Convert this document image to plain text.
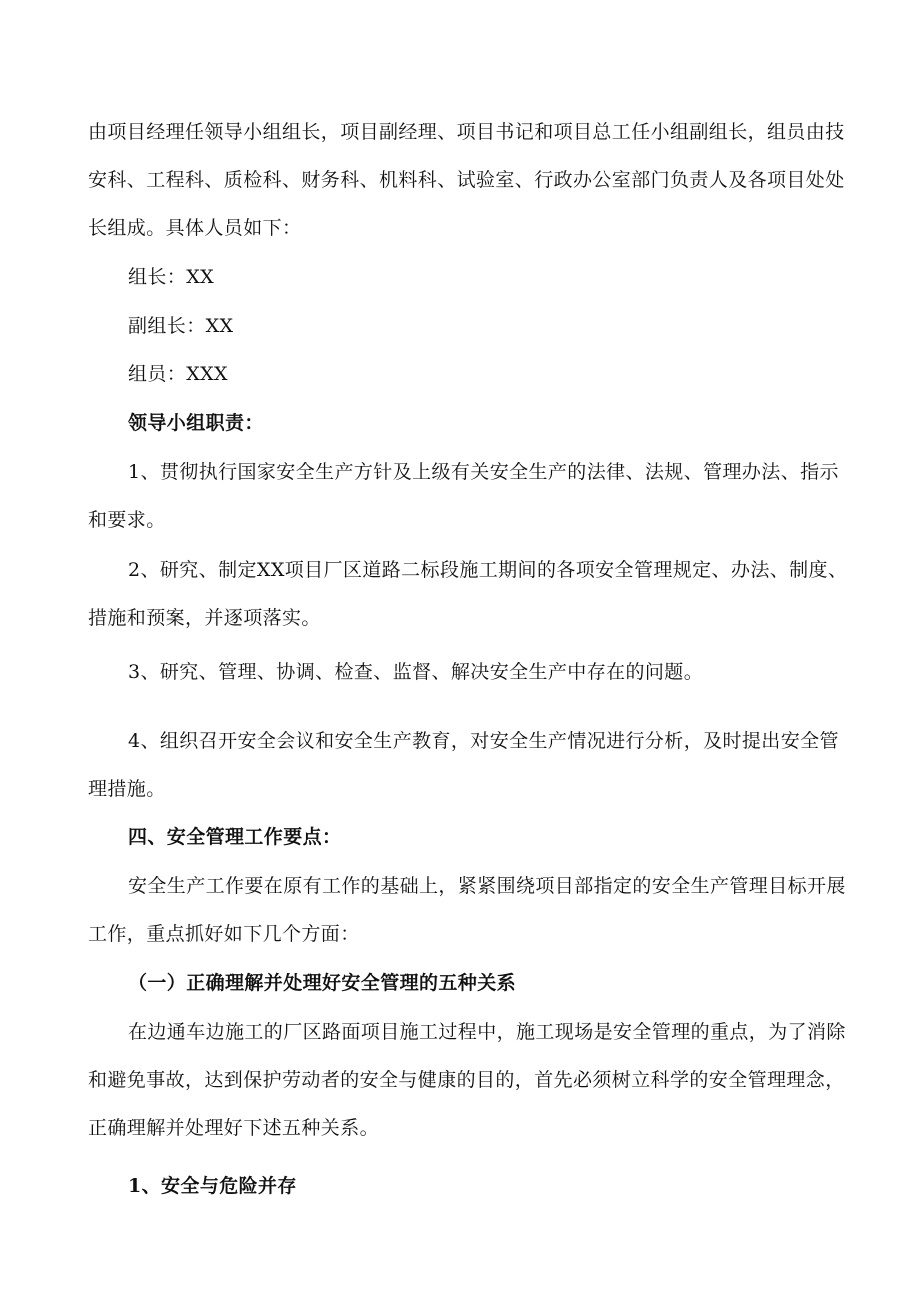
由项目经理任领导小组组长，项目副经理、项目书记和项目总工任小组副组长，组员由技安科、工程科、质检科、财务科、机料科、试验室、行政办公室部门负责人及各项目处处长组成。具体人员如下：

组长：XX

副组长：XX

组员：XXX

领导小组职责：

1、贯彻执行国家安全生产方针及上级有关安全生产的法律、法规、管理办法、指示和要求。

2、研究、制定XX项目厂区道路二标段施工期间的各项安全管理规定、办法、制度、措施和预案，并逐项落实。

3、研究、管理、协调、检查、监督、解决安全生产中存在的问题。

4、组织召开安全会议和安全生产教育，对安全生产情况进行分析，及时提出安全管理措施。

四、安全管理工作要点：

安全生产工作要在原有工作的基础上，紧紧围绕项目部指定的安全生产管理目标开展工作，重点抓好如下几个方面：

（一）正确理解并处理好安全管理的五种关系

在边通车边施工的厂区路面项目施工过程中，施工现场是安全管理的重点，为了消除和避免事故，达到保护劳动者的安全与健康的目的，首先必须树立科学的安全管理理念，正确理解并处理好下述五种关系。

1、安全与危险并存
